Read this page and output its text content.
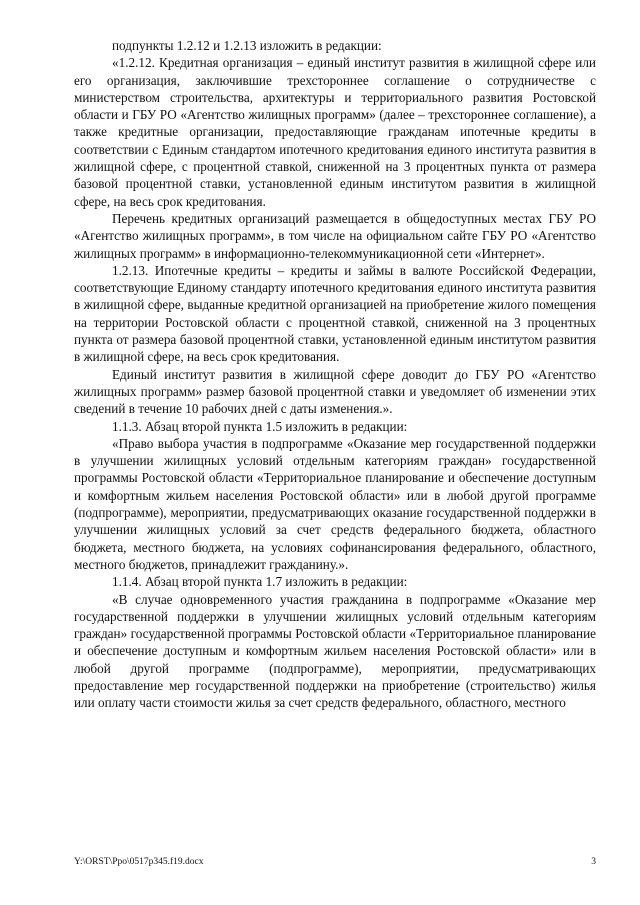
подпункты 1.2.12 и 1.2.13 изложить в редакции:

«1.2.12. Кредитная организация – единый институт развития в жилищной сфере или его организация, заключившие трехстороннее соглашение о сотрудничестве с министерством строительства, архитектуры и территориального развития Ростовской области и ГБУ РО «Агентство жилищных программ» (далее – трехстороннее соглашение), а также кредитные организации, предоставляющие гражданам ипотечные кредиты в соответствии с Единым стандартом ипотечного кредитования единого института развития в жилищной сфере, с процентной ставкой, сниженной на 3 процентных пункта от размера базовой процентной ставки, установленной единым институтом развития в жилищной сфере, на весь срок кредитования.

Перечень кредитных организаций размещается в общедоступных местах ГБУ РО «Агентство жилищных программ», в том числе на официальном сайте ГБУ РО «Агентство жилищных программ» в информационно-телекоммуникационной сети «Интернет».

1.2.13. Ипотечные кредиты – кредиты и займы в валюте Российской Федерации, соответствующие Единому стандарту ипотечного кредитования единого института развития в жилищной сфере, выданные кредитной организацией на приобретение жилого помещения на территории Ростовской области с процентной ставкой, сниженной на 3 процентных пункта от размера базовой процентной ставки, установленной единым институтом развития в жилищной сфере, на весь срок кредитования.

Единый институт развития в жилищной сфере доводит до ГБУ РО «Агентство жилищных программ» размер базовой процентной ставки и уведомляет об изменении этих сведений в течение 10 рабочих дней с даты изменения.».

1.1.3. Абзац второй пункта 1.5 изложить в редакции:

«Право выбора участия в подпрограмме «Оказание мер государственной поддержки в улучшении жилищных условий отдельным категориям граждан» государственной программы Ростовской области «Территориальное планирование и обеспечение доступным и комфортным жильем населения Ростовской области» или в любой другой программе (подпрограмме), мероприятии, предусматривающих оказание государственной поддержки в улучшении жилищных условий за счет средств федерального бюджета, областного бюджета, местного бюджета, на условиях софинансирования федерального, областного, местного бюджетов, принадлежит гражданину.».

1.1.4. Абзац второй пункта 1.7 изложить в редакции:

«В случае одновременного участия гражданина в подпрограмме «Оказание мер государственной поддержки в улучшении жилищных условий отдельным категориям граждан» государственной программы Ростовской области «Территориальное планирование и обеспечение доступным и комфортным жильем населения Ростовской области» или в любой другой программе (подпрограмме), мероприятии, предусматривающих предоставление мер государственной поддержки на приобретение (строительство) жилья или оплату части стоимости жилья за счет средств федерального, областного, местного

Y:\ORST\Ppo\0517p345.f19.docx	3
